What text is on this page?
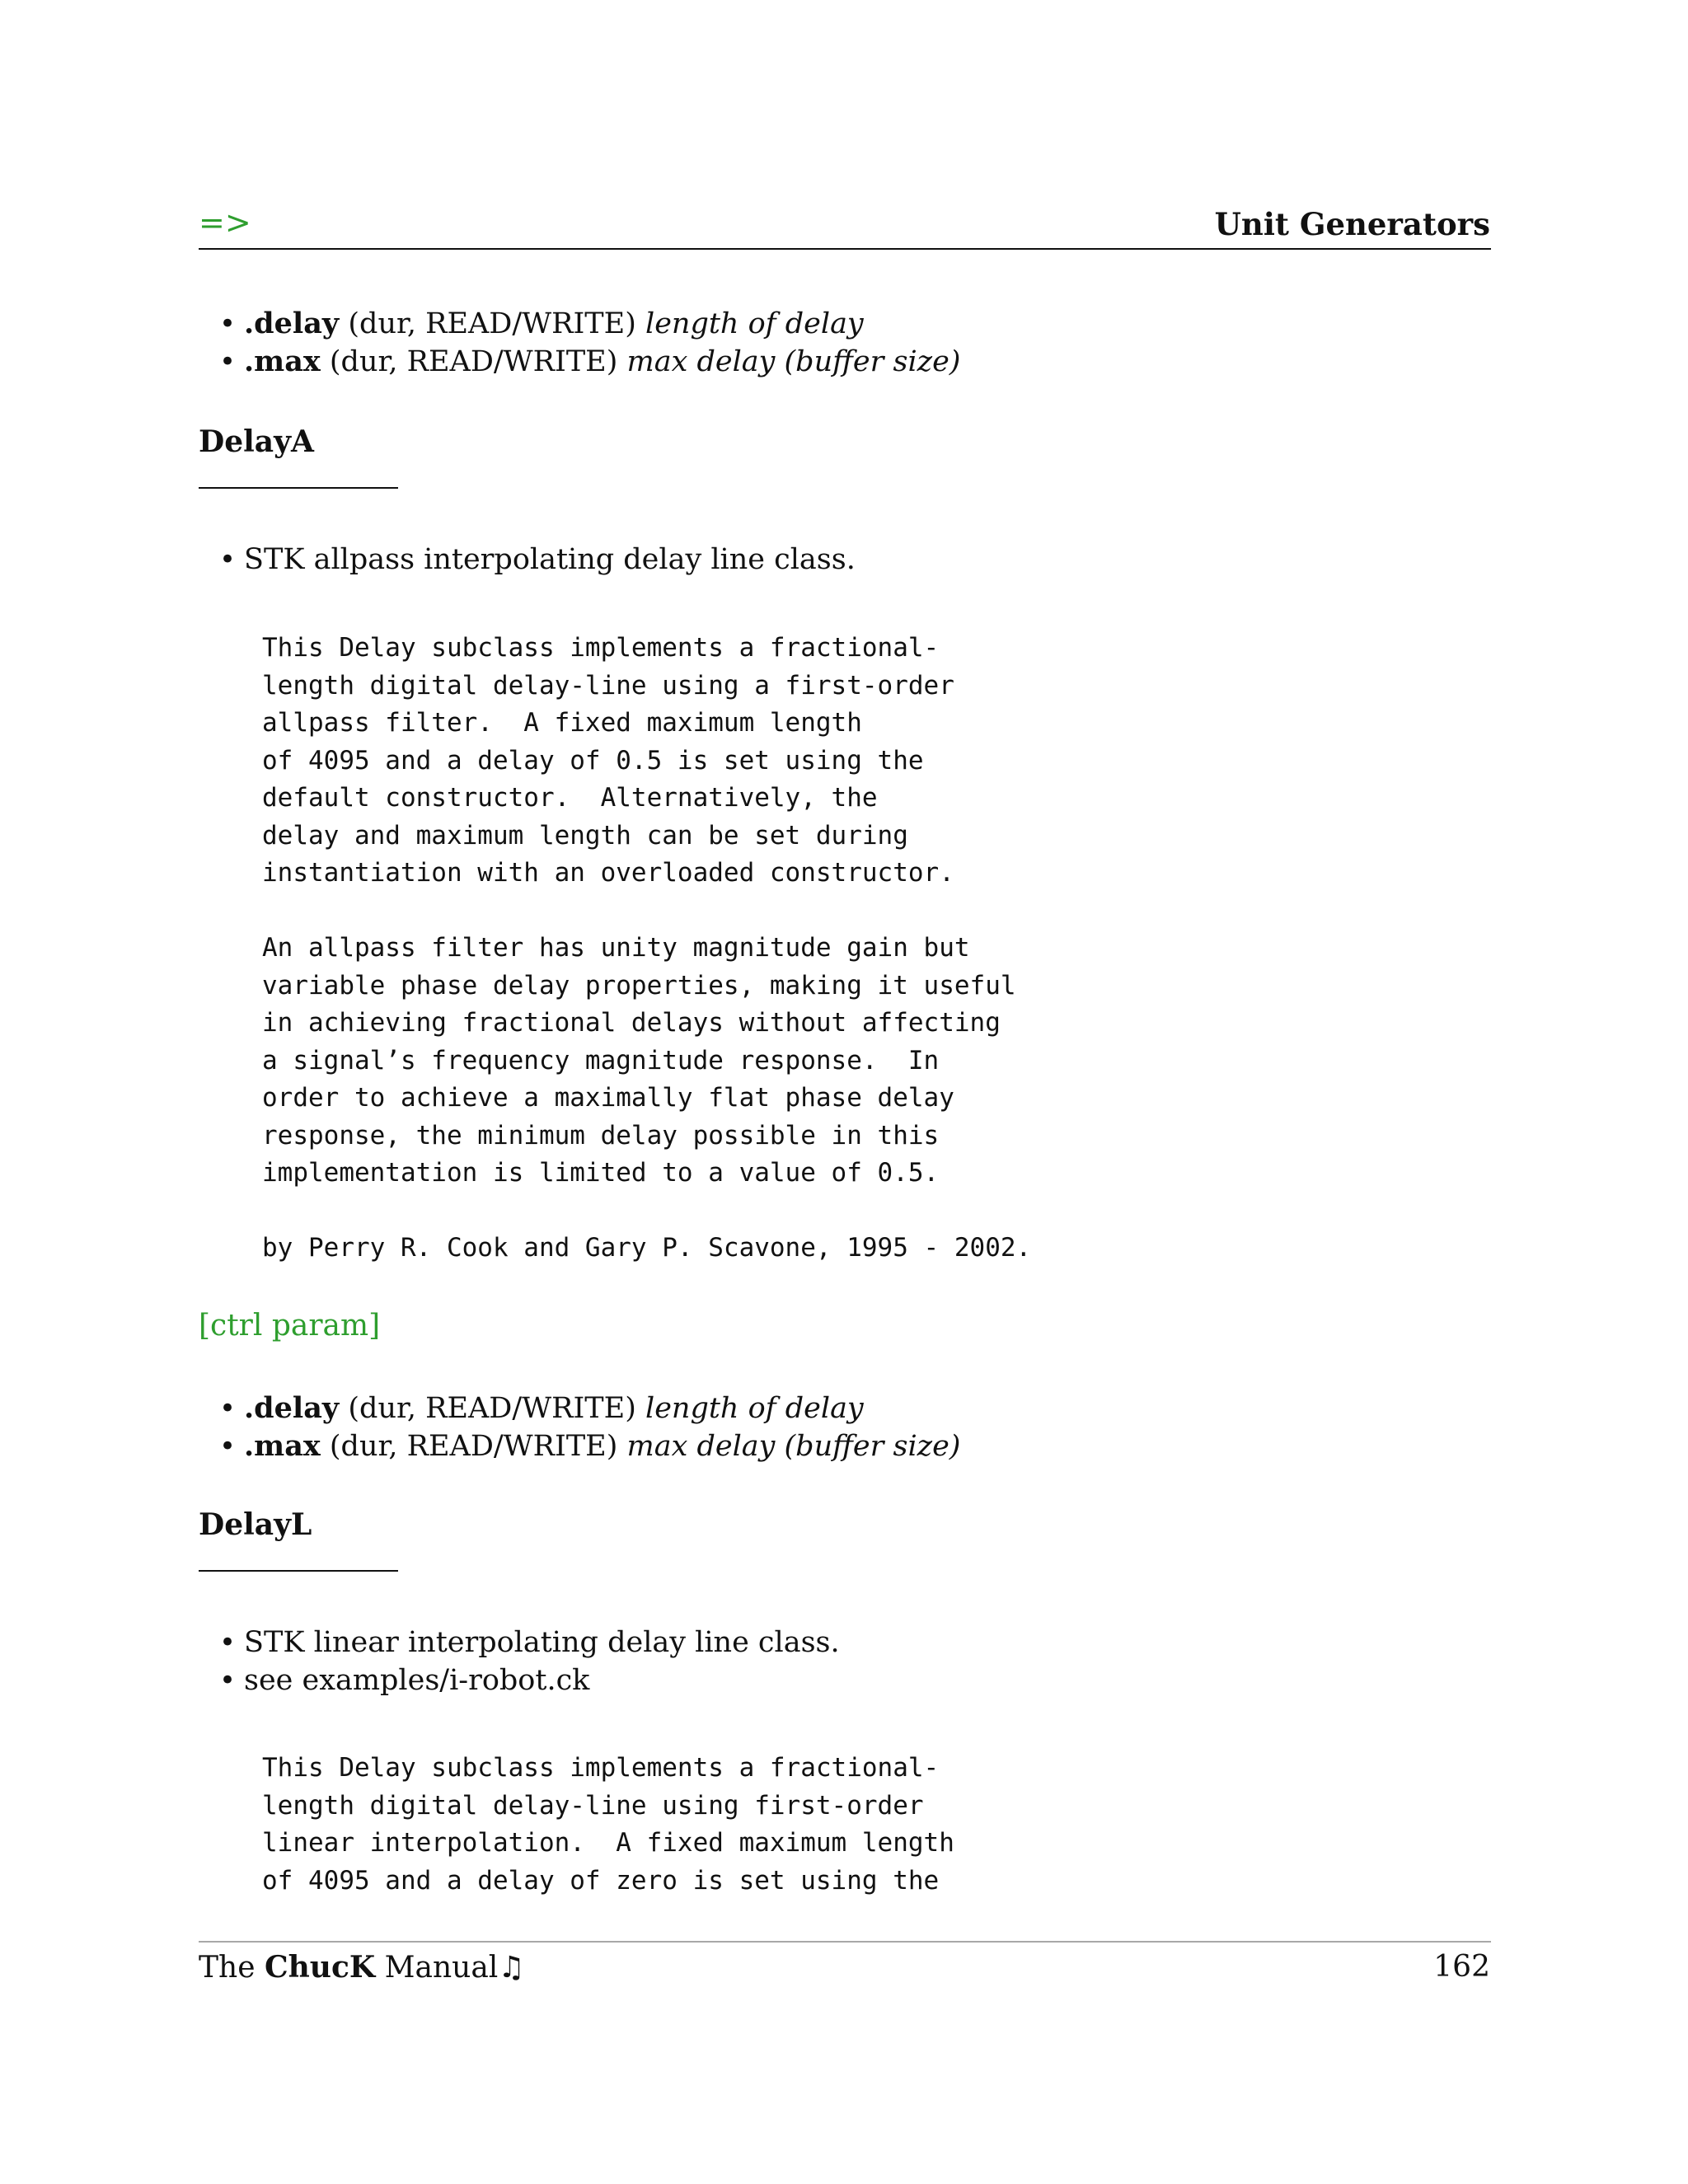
=>	Unit Generators
• .delay (dur, READ/WRITE) length of delay
• .max (dur, READ/WRITE) max delay (buffer size)
DelayA
• STK allpass interpolating delay line class.
This Delay subclass implements a fractional-
length digital delay-line using a first-order
allpass filter.  A fixed maximum length
of 4095 and a delay of 0.5 is set using the
default constructor.  Alternatively, the
delay and maximum length can be set during
instantiation with an overloaded constructor.

An allpass filter has unity magnitude gain but
variable phase delay properties, making it useful
in achieving fractional delays without affecting
a signal’s frequency magnitude response.  In
order to achieve a maximally flat phase delay
response, the minimum delay possible in this
implementation is limited to a value of 0.5.

by Perry R. Cook and Gary P. Scavone, 1995 - 2002.
[ctrl param]
• .delay (dur, READ/WRITE) length of delay
• .max (dur, READ/WRITE) max delay (buffer size)
DelayL
• STK linear interpolating delay line class.
• see examples/i-robot.ck
This Delay subclass implements a fractional-
length digital delay-line using first-order
linear interpolation.  A fixed maximum length
of 4095 and a delay of zero is set using the
The ChucK Manual♫	162
